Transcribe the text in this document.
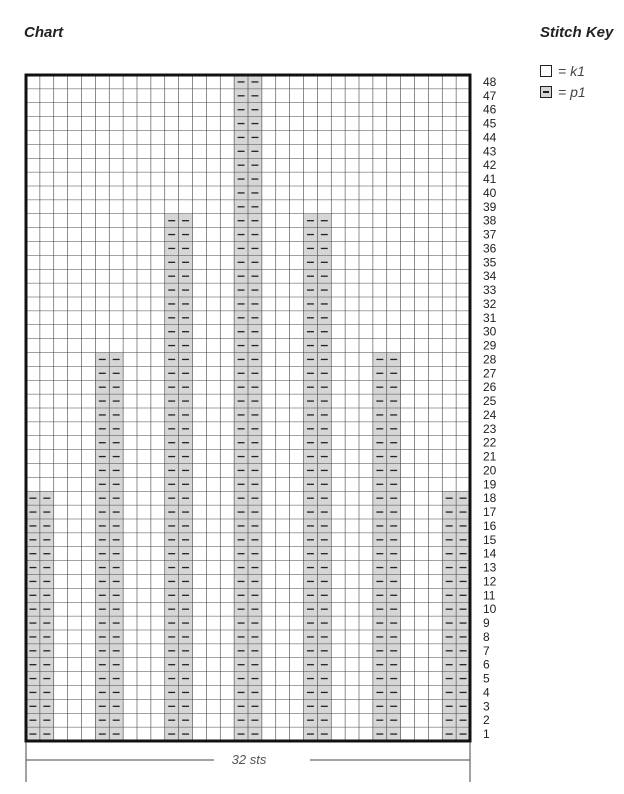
Chart	Stitch Key
= k1
= p1
1
2
3
4
5
6
7
8
9
10
11
12
13
14
15
16
17
18
19
20
21
22
23
24
25
26
27
28
29
30
31
32
33
34
35
36
37
38
39
40
41
42
43
44
45
46
47
48
32 sts
